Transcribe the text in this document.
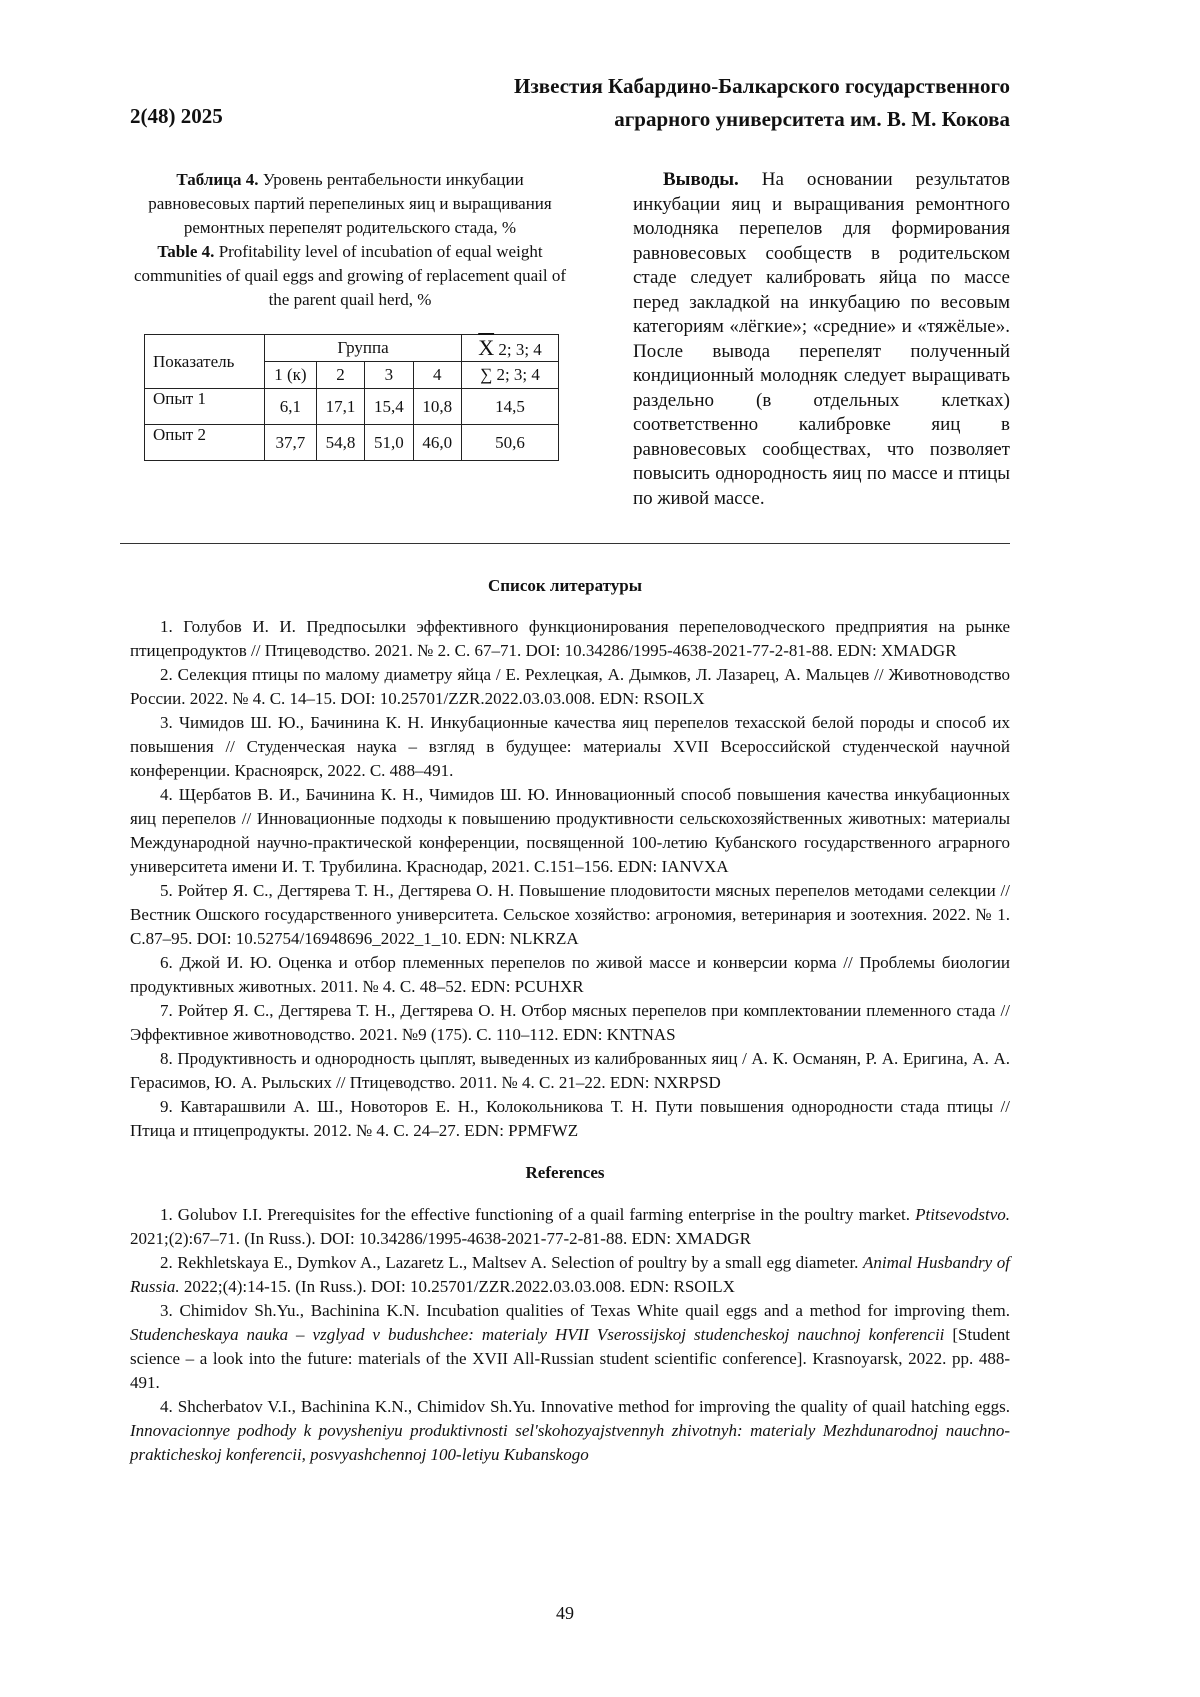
2(48) 2025
Известия Кабардино-Балкарского государственного
аграрного университета им. В. М. Кокова
Таблица 4. Уровень рентабельности инкубации равновесовых партий перепелиных яиц и выращивания ремонтных перепелят родительского стада, %
Table 4. Profitability level of incubation of equal weight communities of quail eggs and growing of replacement quail of the parent quail herd, %
Показатель	Группа	X 2; 3; 4
1 (к)	2	3	4	∑ 2; 3; 4
Опыт 1	6,1	17,1	15,4	10,8	14,5
Опыт 2	37,7	54,8	51,0	46,0	50,6
Выводы. На основании результатов инкубации яиц и выращивания ремонтного молодняка перепелов для формирования равновесовых сообществ в родительском стаде следует калибровать яйца по массе перед закладкой на инкубацию по весовым категориям «лёгкие»; «средние» и «тяжёлые». После вывода перепелят полученный кондиционный молодняк следует выращивать раздельно (в отдельных клетках) соответственно калибровке яиц в равновесовых сообществах, что позволяет повысить однородность яиц по массе и птицы по живой массе.
Список литературы

1. Голубов И. И. Предпосылки эффективного функционирования перепеловодческого предприятия на рынке птицепродуктов // Птицеводство. 2021. № 2. С. 67–71. DOI: 10.34286/1995-4638-2021-77-2-81-88. EDN: XMADGR

2. Селекция птицы по малому диаметру яйца / Е. Рехлецкая, А. Дымков, Л. Лазарец, А. Мальцев // Животноводство России. 2022. № 4. С. 14–15. DOI: 10.25701/ZZR.2022.03.03.008. EDN: RSOILX

3. Чимидов Ш. Ю., Бачинина К. Н. Инкубационные качества яиц перепелов техасской белой породы и способ их повышения // Студенческая наука – взгляд в будущее: материалы XVII Всероссийской студенческой научной конференции. Красноярск, 2022. С. 488–491.

4. Щербатов В. И., Бачинина К. Н., Чимидов Ш. Ю. Инновационный способ повышения качества инкубационных яиц перепелов // Инновационные подходы к повышению продуктивности сельскохозяйственных животных: материалы Международной научно-практической конференции, посвященной 100-летию Кубанского государственного аграрного университета имени И. Т. Трубилина. Краснодар, 2021. С.151–156. EDN: IANVXA

5. Ройтер Я. С., Дегтярева Т. Н., Дегтярева О. Н. Повышение плодовитости мясных перепелов методами селекции // Вестник Ошского государственного университета. Сельское хозяйство: агрономия, ветеринария и зоотехния. 2022. № 1. С.87–95. DOI: 10.52754/16948696_2022_1_10. EDN: NLKRZA

6. Джой И. Ю. Оценка и отбор племенных перепелов по живой массе и конверсии корма // Проблемы биологии продуктивных животных. 2011. № 4. С. 48–52. EDN: PCUHXR

7. Ройтер Я. С., Дегтярева Т. Н., Дегтярева О. Н. Отбор мясных перепелов при комплектовании племенного стада // Эффективное животноводство. 2021. №9 (175). С. 110–112. EDN: KNTNAS

8. Продуктивность и однородность цыплят, выведенных из калиброванных яиц / А. К. Османян, Р. А. Еригина, А. А. Герасимов, Ю. А. Рыльских // Птицеводство. 2011. № 4. С. 21–22. EDN: NXRPSD

9. Кавтарашвили А. Ш., Новоторов Е. Н., Колокольникова Т. Н. Пути повышения однородности стада птицы // Птица и птицепродукты. 2012. № 4. С. 24–27. EDN: PPMFWZ

References

1. Golubov I.I. Prerequisites for the effective functioning of a quail farming enterprise in the poultry market. Ptitsevodstvo. 2021;(2):67–71. (In Russ.). DOI: 10.34286/1995-4638-2021-77-2-81-88. EDN: XMADGR

2. Rekhletskaya E., Dymkov A., Lazaretz L., Maltsev A. Selection of poultry by a small egg diameter. Animal Husbandry of Russia. 2022;(4):14-15. (In Russ.). DOI: 10.25701/ZZR.2022.03.03.008. EDN: RSOILX

3. Chimidov Sh.Yu., Bachinina K.N. Incubation qualities of Texas White quail eggs and a method for improving them. Studencheskaya nauka – vzglyad v budushchee: materialy HVII Vserossijskoj studencheskoj nauchnoj konferencii [Student science – a look into the future: materials of the XVII All-Russian student scientific conference]. Krasnoyarsk, 2022. pp. 488-491.

4. Shcherbatov V.I., Bachinina K.N., Chimidov Sh.Yu. Innovative method for improving the quality of quail hatching eggs. Innovacionnye podhody k povysheniyu produktivnosti sel'skohozyajstvennyh zhivotnyh: materialy Mezhdunarodnoj nauchno-prakticheskoj konferencii, posvyashchennoj 100-letiyu Kubanskogo

49
